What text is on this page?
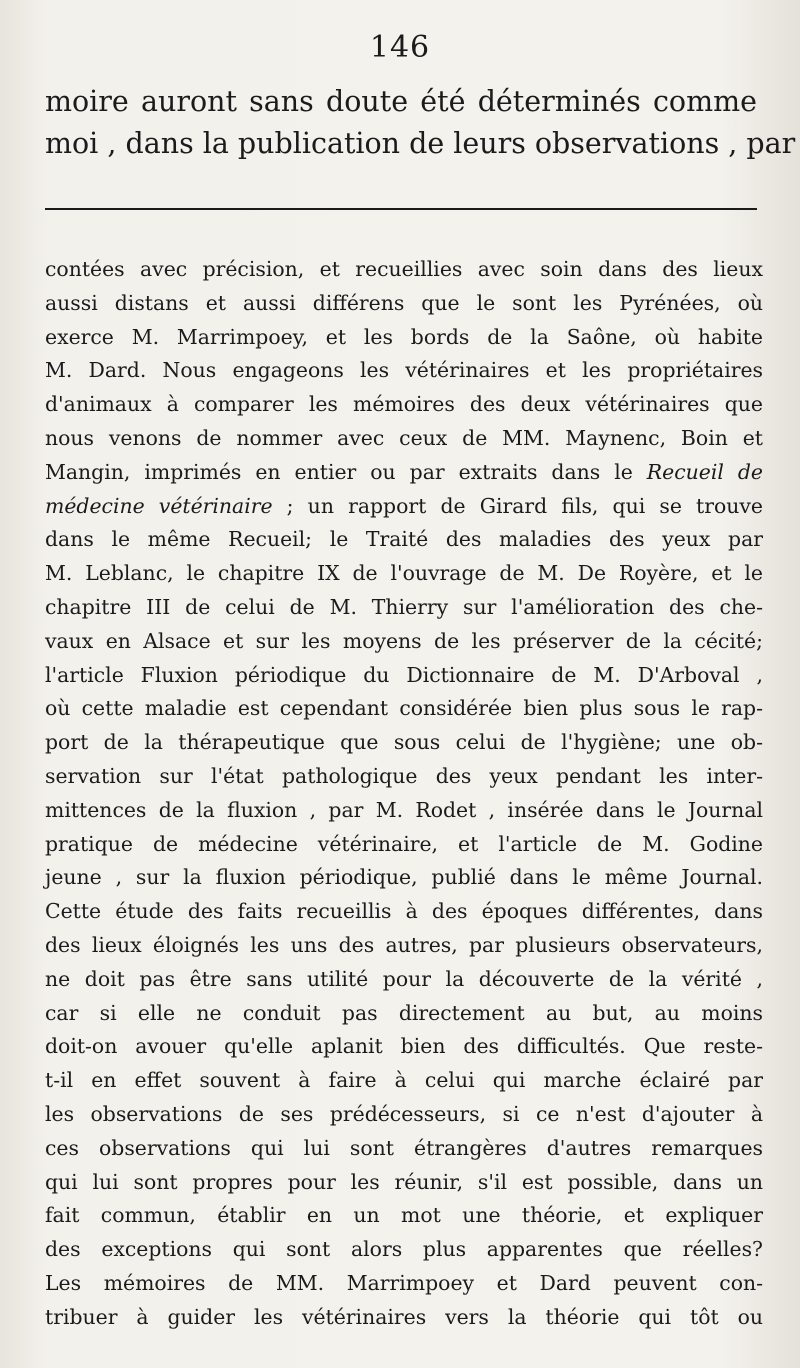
146
moire auront sans doute été déterminés comme
moi , dans la publication de leurs observations , par
contées avec précision, et recueillies avec soin dans des lieux
aussi distans et aussi différens que le sont les Pyrénées, où
exerce M. Marrimpoey, et les bords de la Saône, où habite
M. Dard. Nous engageons les vétérinaires et les propriétaires
d'animaux à comparer les mémoires des deux vétérinaires que
nous venons de nommer avec ceux de MM. Maynenc, Boin et
Mangin, imprimés en entier ou par extraits dans le Recueil de
médecine vétérinaire ; un rapport de Girard fils, qui se trouve
dans le même Recueil; le Traité des maladies des yeux par
M. Leblanc, le chapitre IX de l'ouvrage de M. De Royère, et le
chapitre III de celui de M. Thierry sur l'amélioration des che-
vaux en Alsace et sur les moyens de les préserver de la cécité;
l'article Fluxion périodique du Dictionnaire de M. D'Arboval ,
où cette maladie est cependant considérée bien plus sous le rap-
port de la thérapeutique que sous celui de l'hygiène; une ob-
servation sur l'état pathologique des yeux pendant les inter-
mittences de la fluxion , par M. Rodet , insérée dans le Journal
pratique de médecine vétérinaire, et l'article de M. Godine
jeune , sur la fluxion périodique, publié dans le même Journal.
Cette étude des faits recueillis à des époques différentes, dans
des lieux éloignés les uns des autres, par plusieurs observateurs,
ne doit pas être sans utilité pour la découverte de la vérité ,
car si elle ne conduit pas directement au but, au moins
doit-on avouer qu'elle aplanit bien des difficultés. Que reste-
t-il en effet souvent à faire à celui qui marche éclairé par
les observations de ses prédécesseurs, si ce n'est d'ajouter à
ces observations qui lui sont étrangères d'autres remarques
qui lui sont propres pour les réunir, s'il est possible, dans un
fait commun, établir en un mot une théorie, et expliquer
des exceptions qui sont alors plus apparentes que réelles?
Les mémoires de MM. Marrimpoey et Dard peuvent con-
tribuer à guider les vétérinaires vers la théorie qui tôt ou
